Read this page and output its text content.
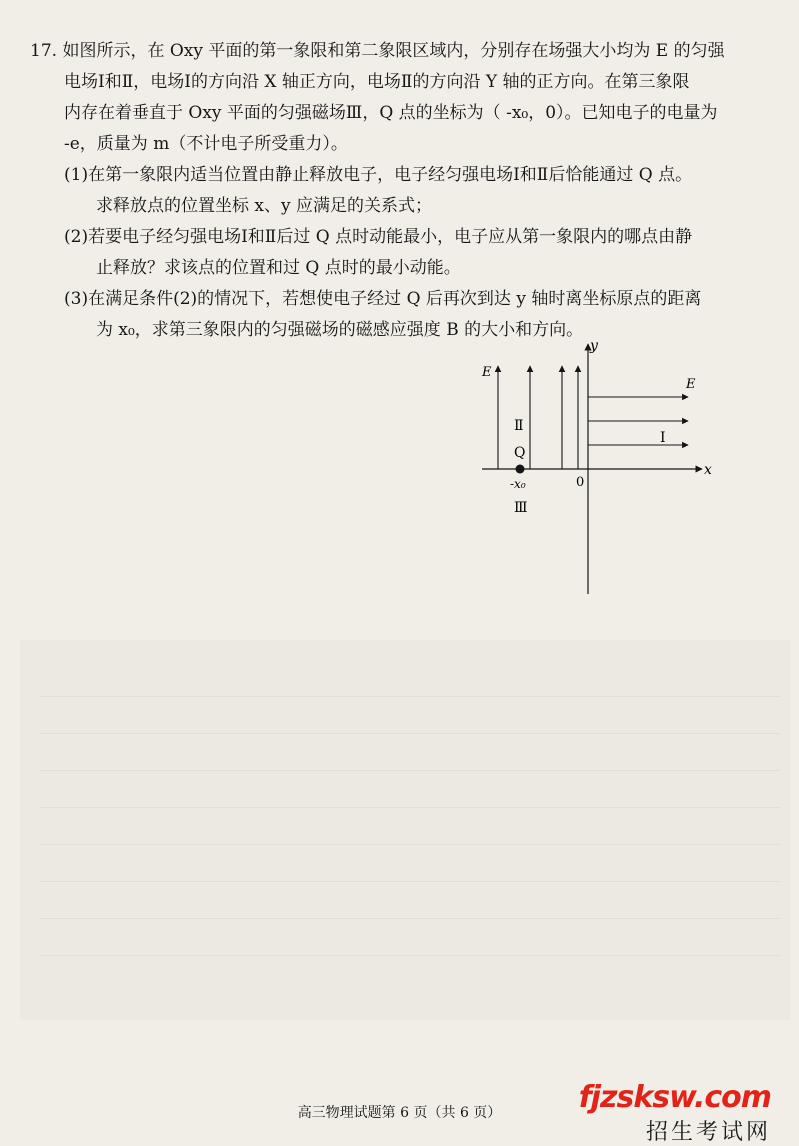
17. 如图所示，在 Oxy 平面的第一象限和第二象限区域内，分别存在场强大小均为 E 的匀强

电场Ⅰ和Ⅱ，电场Ⅰ的方向沿 X 轴正方向，电场Ⅱ的方向沿 Y 轴的正方向。在第三象限

内存在着垂直于 Oxy 平面的匀强磁场Ⅲ，Q 点的坐标为（ -x₀，0）。已知电子的电量为

-e，质量为 m（不计电子所受重力）。

(1)在第一象限内适当位置由静止释放电子，电子经匀强电场Ⅰ和Ⅱ后恰能通过 Q 点。

求释放点的位置坐标 x、y 应满足的关系式；

(2)若要电子经匀强电场Ⅰ和Ⅱ后过 Q 点时动能最小，电子应从第一象限内的哪点由静

止释放？求该点的位置和过 Q 点时的最小动能。

(3)在满足条件(2)的情况下，若想使电子经过 Q 后再次到达 y 轴时离坐标原点的距离

为 x₀，求第三象限内的匀强磁场的磁感应强度 B 的大小和方向。

y
x
E
E
Ⅱ
Ⅰ
Q
-x₀	0
Ⅲ
高三物理试题第 6 页（共 6 页）	fjzsksw.com
招生考试网
